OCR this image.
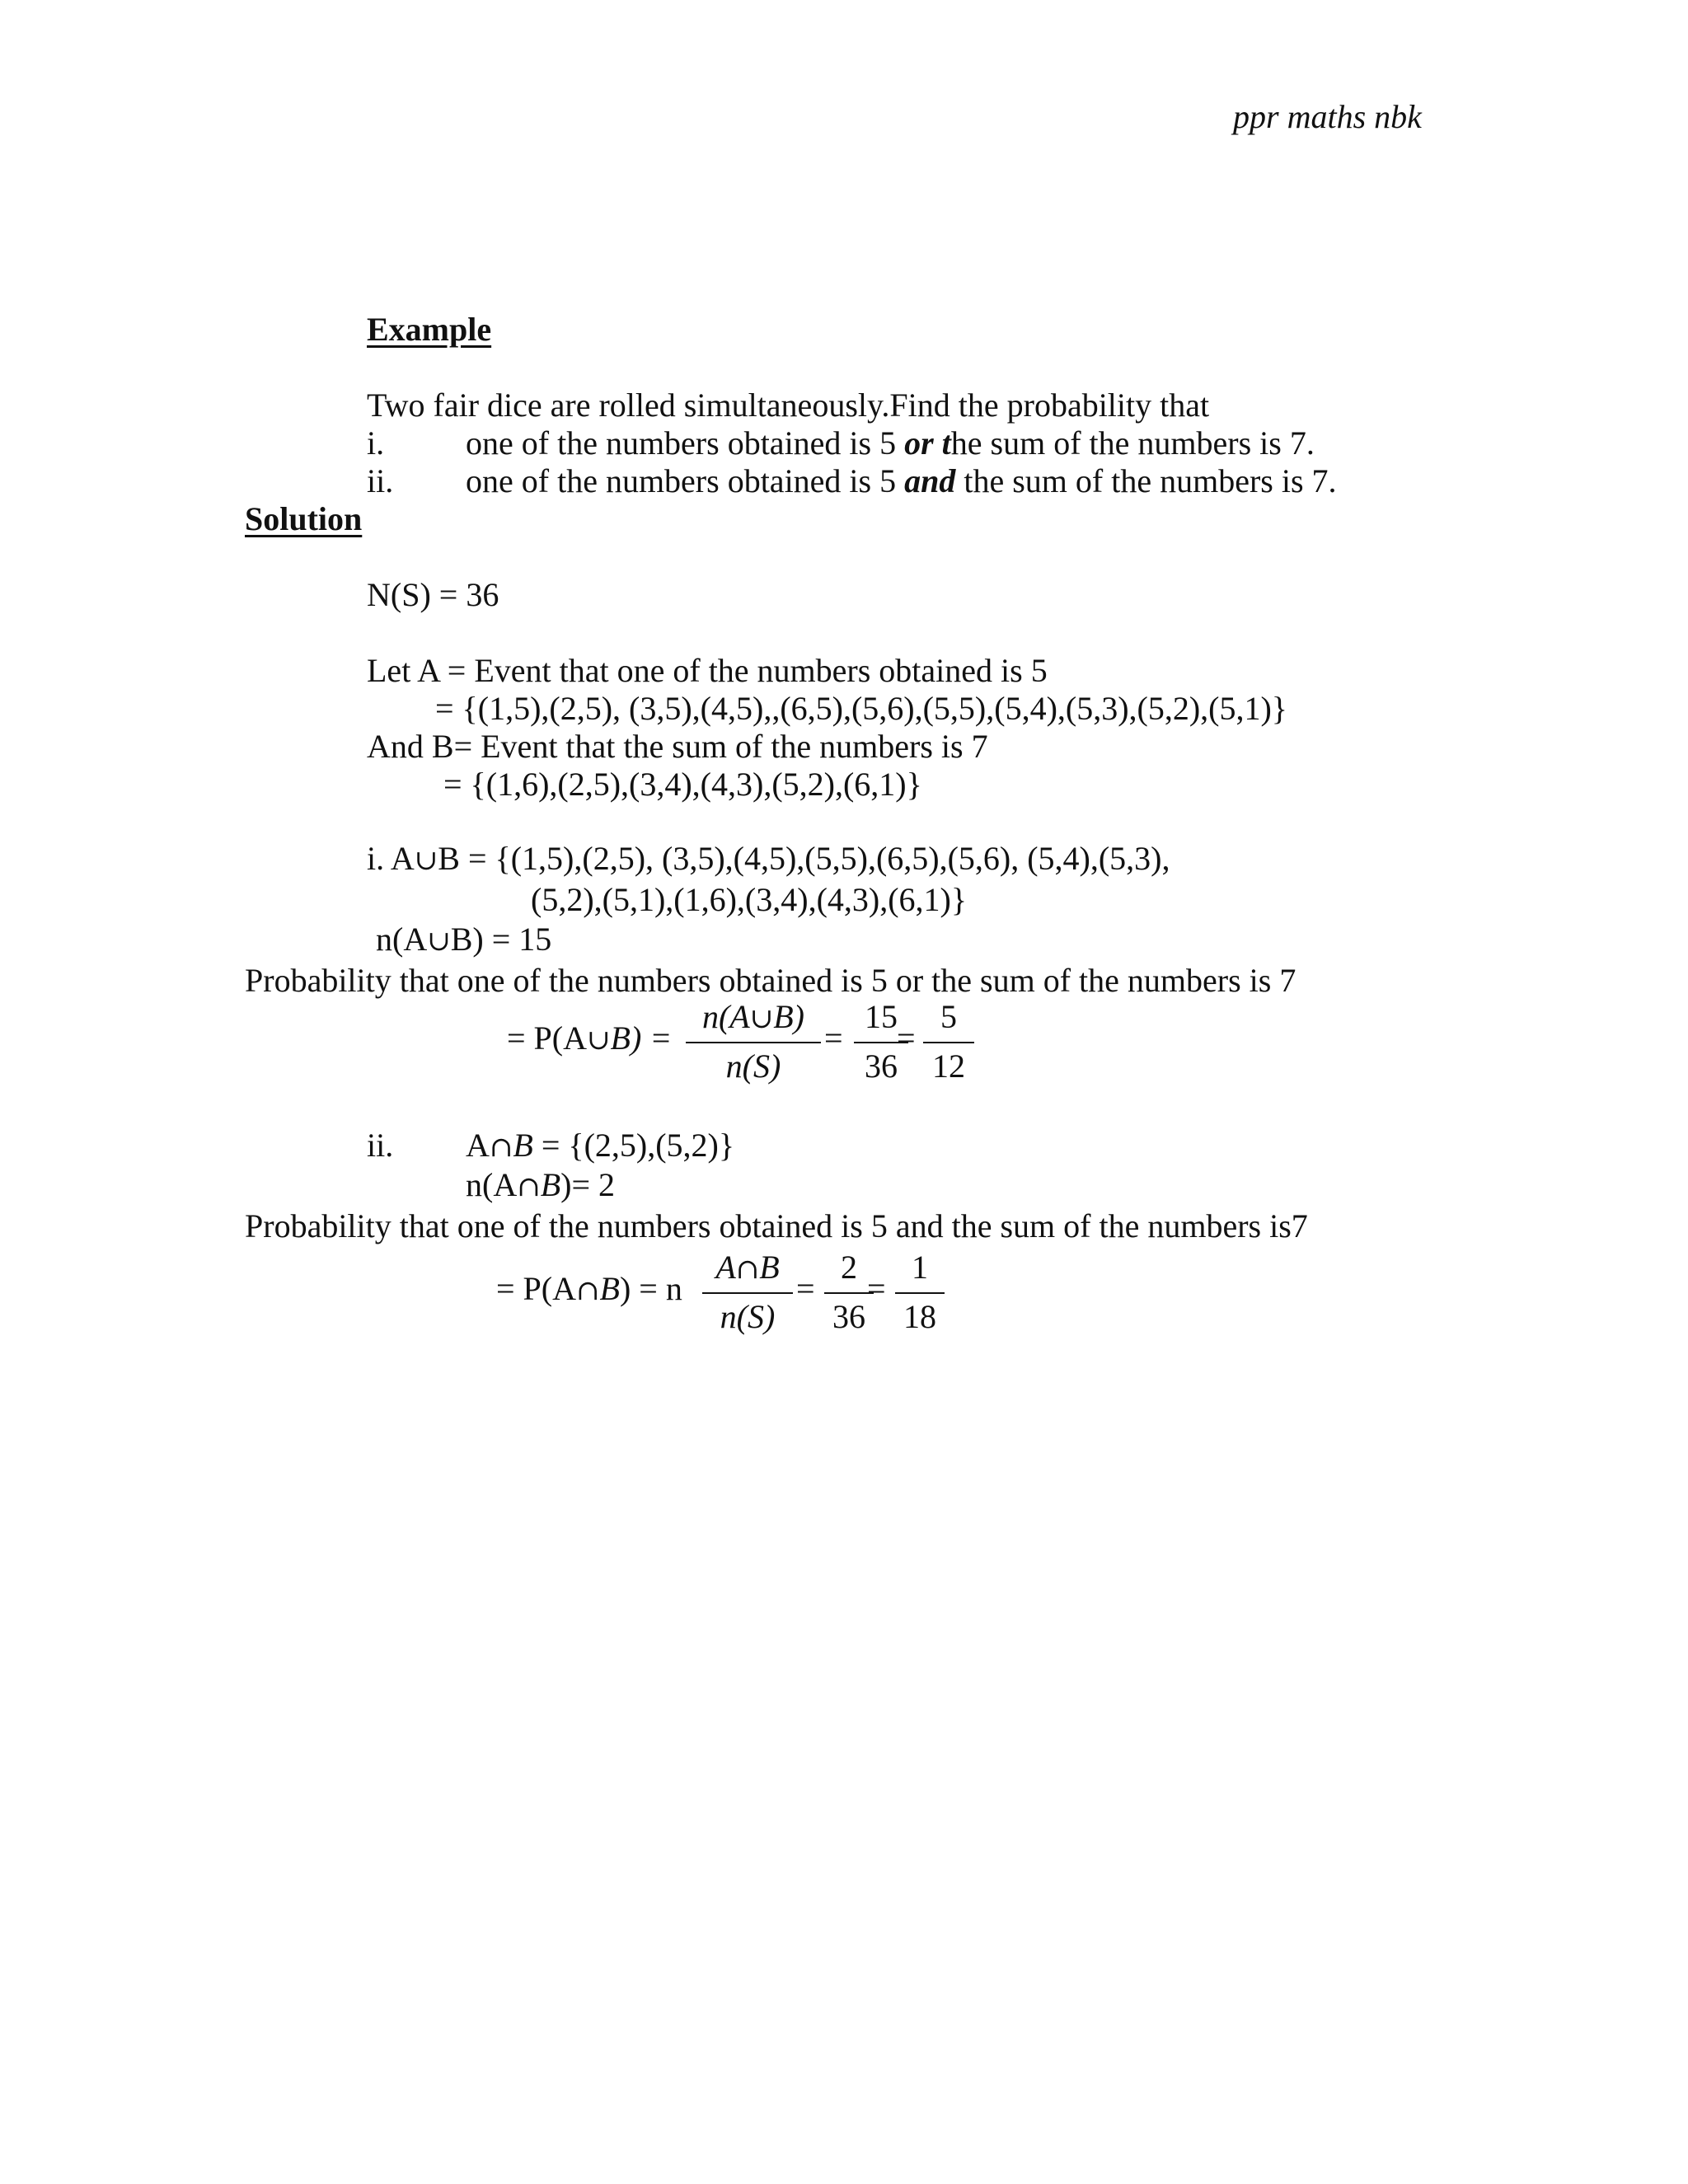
ppr maths nbk
Example
Two fair dice are rolled simultaneously.Find the probability that
i. one of the numbers obtained is 5 or the sum of the numbers is 7.
ii. one of the numbers obtained is 5 and the sum of the numbers is 7.
Solution
N(S) = 36
Let A = Event that one of the numbers obtained is 5
= {(1,5),(2,5), (3,5),(4,5),,(6,5),(5,6),(5,5),(5,4),(5,3),(5,2),(5,1)}
And B= Event that the sum of the numbers is 7
= {(1,6),(2,5),(3,4),(4,3),(5,2),(6,1)}
i. A∪B = {(1,5),(2,5), (3,5),(4,5),(5,5),(6,5),(5,6), (5,4),(5,3),
(5,2),(5,1),(1,6),(3,4),(4,3),(6,1)}
n(A∪B) = 15
Probability that one of the numbers obtained is 5 or the sum of the numbers is 7
= P(A∪B) =
n(A∪B)
n(S)
=
15
36
=
5
12
ii. A∩B = {(2,5),(5,2)}
n(A∩B)= 2
Probability that one of the numbers obtained is 5 and the sum of the numbers is7
= P(A∩B) = n
A∩B
n(S)
=
2
36
=
1
18
